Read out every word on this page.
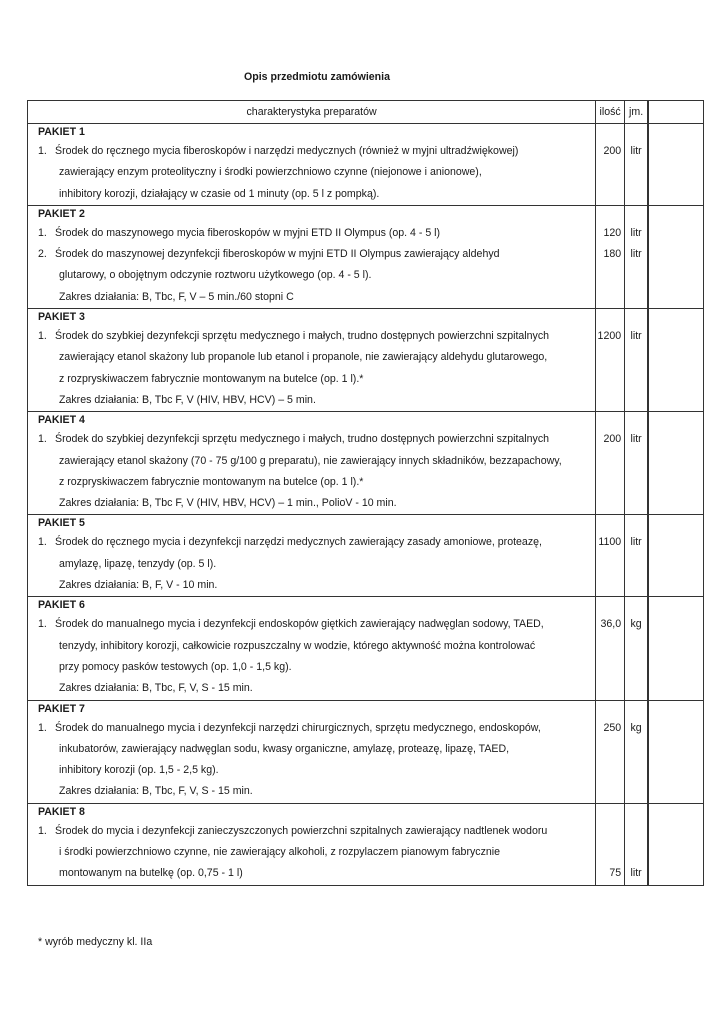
Opis przedmiotu zamówienia
charakterystyka preparatów	ilość jm.
PAKIET 1
1. Środek do ręcznego mycia fiberoskopów i narzędzi medycznych (również w myjni ultradźwiękowej)
zawierający enzym proteolityczny i środki powierzchniowo czynne (niejonowe i anionowe),
inhibitory korozji, działający w czasie od 1 minuty (op. 5 l z pompką).
200 litr
PAKIET 2
1. Środek do maszynowego mycia fiberoskopów w myjni ETD II Olympus (op. 4 - 5 l)
2. Środek do maszynowej dezynfekcji fiberoskopów w myjni ETD II Olympus zawierający aldehyd
glutarowy, o obojętnym odczynie roztworu użytkowego (op. 4 - 5 l).
Zakres działania: B, Tbc, F, V – 5 min./60 stopni C
120
180
litr
litr
PAKIET 3
1. Środek do szybkiej dezynfekcji sprzętu medycznego i małych, trudno dostępnych powierzchni szpitalnych
zawierający etanol skażony lub propanole lub etanol i propanole, nie zawierający aldehydu glutarowego,
z rozpryskiwaczem fabrycznie montowanym na butelce (op. 1 l).*
Zakres działania: B, Tbc F, V (HIV, HBV, HCV) – 5 min.
1200 litr
PAKIET 4
1. Środek do szybkiej dezynfekcji sprzętu medycznego i małych, trudno dostępnych powierzchni szpitalnych
zawierający etanol skażony (70 - 75 g/100 g preparatu), nie zawierający innych składników, bezzapachowy,
z rozpryskiwaczem fabrycznie montowanym na butelce (op. 1 l).*
Zakres działania: B, Tbc F, V (HIV, HBV, HCV) – 1 min., PolioV - 10 min.
200 litr
PAKIET 5
1. Środek do ręcznego mycia i dezynfekcji narzędzi medycznych zawierający zasady amoniowe, proteazę,
amylazę, lipazę, tenzydy (op. 5 l).
Zakres działania: B, F, V - 10 min.
1100 litr
PAKIET 6
1. Środek do manualnego mycia i dezynfekcji endoskopów giętkich zawierający nadwęglan sodowy, TAED,
tenzydy, inhibitory korozji, całkowicie rozpuszczalny w wodzie, którego aktywność można kontrolować
przy pomocy pasków testowych (op. 1,0 - 1,5 kg).
Zakres działania: B, Tbc, F, V, S - 15 min.
36,0 kg
PAKIET 7
1. Środek do manualnego mycia i dezynfekcji narzędzi chirurgicznych, sprzętu medycznego, endoskopów,
inkubatorów, zawierający nadwęglan sodu, kwasy organiczne, amylazę, proteazę, lipazę, TAED,
inhibitory korozji (op. 1,5 - 2,5 kg).
Zakres działania: B, Tbc, F, V, S - 15 min.
250 kg
PAKIET 8
1. Środek do mycia i dezynfekcji zanieczyszczonych powierzchni szpitalnych zawierający nadtlenek wodoru
i środki powierzchniowo czynne, nie zawierający alkoholi, z rozpylaczem pianowym fabrycznie
montowanym na butelkę (op. 0,75 - 1 l)	75 litr
* wyrób medyczny kl. IIa
